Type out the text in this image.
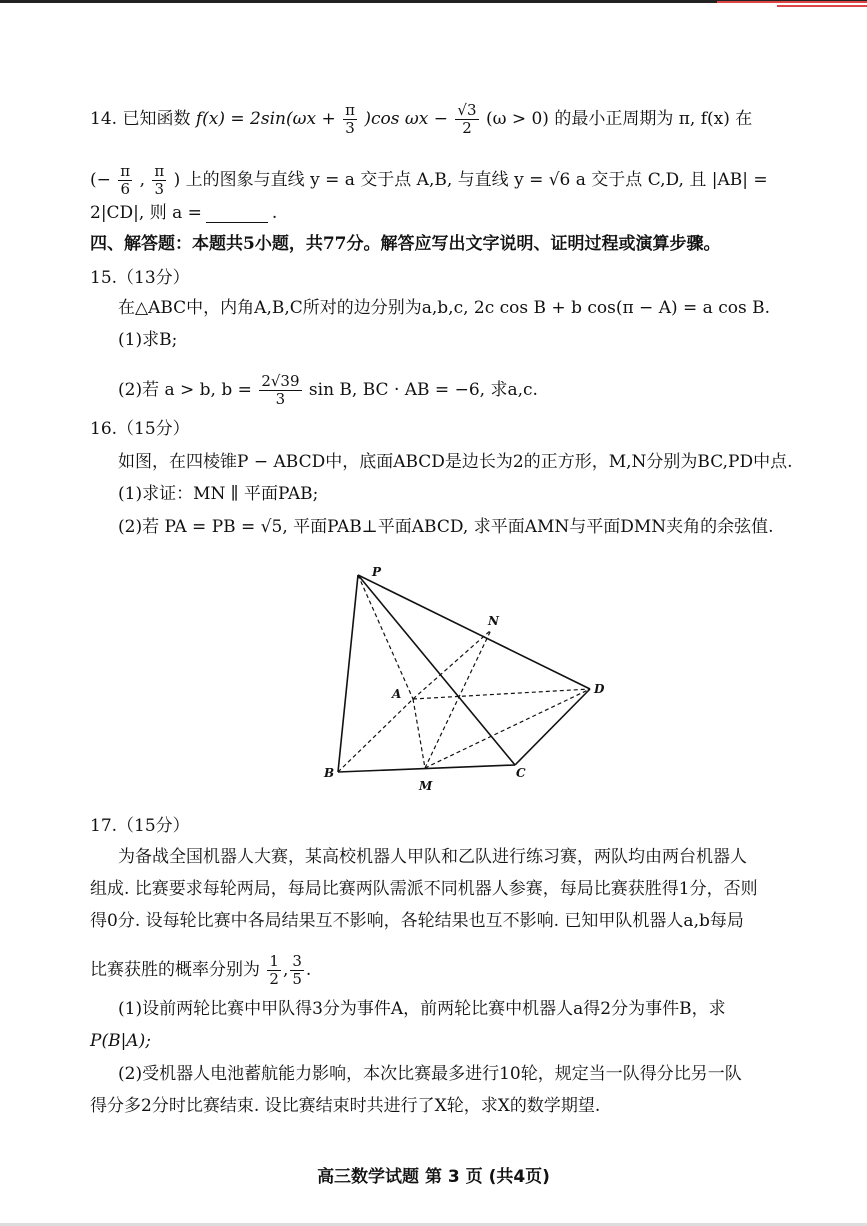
14. 已知函数 $f(x) = 2\sin(\omega x + \frac{\pi}{3} )\cos$ $\omega x - \frac{√3}{2} (\omega > 0)$ 的最小正周期为 π, f(x) 在
(− $\frac{\pi}{6}$ , $\frac{\pi}{3}$ ) 上的图象与直线 y = a 交于点 A,B, 与直线 y = √6 a 交于点 C,D, 且 |AB| =
2|CD|, 则 a =	.
四、解答题：本题共5小题，共77分。解答应写出文字说明、证明过程或演算步骤。
15.（13分）
在△ABC中，内角A,B,C所对的边分别为a,b,c, 2c cos B + b cos(π − A) = a cos B.
(1)求B;
(2)若 a > b, $b = \frac{2√39}{3}$ sin B, BC · AB = −6, 求a,c.
16.（15分）
如图，在四棱锥P − ABCD中，底面ABCD是边长为2的正方形，M,N分别为BC,PD中点.
(1)求证：MN ∥ 平面PAB;
(2)若 PA = PB = √5, 平面PAB⊥平面ABCD, 求平面AMN与平面DMN夹角的余弦值.
P
N
A	D
B	C
M
17.（15分）
为备战全国机器人大赛，某高校机器人甲队和乙队进行练习赛，两队均由两台机器人
组成. 比赛要求每轮两局，每局比赛两队需派不同机器人参赛，每局比赛获胜得1分，否则
得0分. 设每轮比赛中各局结果互不影响，各轮结果也互不影响. 已知甲队机器人a,b每局
比赛获胜的概率分别为 $\frac{1}{2}$ , $\frac{3}{5}$ .
(1)设前两轮比赛中甲队得3分为事件A，前两轮比赛中机器人a得2分为事件B，求
P(B|A);
(2)受机器人电池蓄航能力影响，本次比赛最多进行10轮，规定当一队得分比另一队
得分多2分时比赛结束. 设比赛结束时共进行了X轮，求X的数学期望.
高三数学试题 第 3 页 (共4页)
